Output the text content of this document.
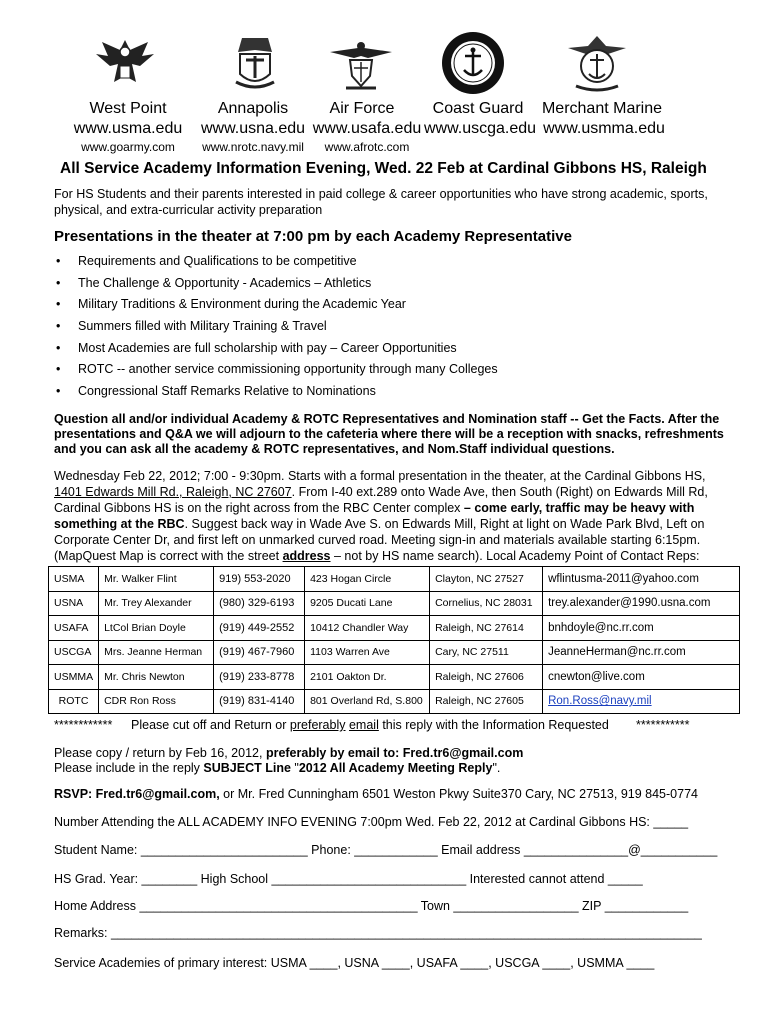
West Point	Annapolis	Air Force Coast Guard Merchant Marine
www.usma.edu www.usna.edu www.usafa.edu www.uscga.edu www.usmma.edu
www.goarmy.com www.nrotc.navy.mil www.afrotc.com
All Service Academy Information Evening, Wed. 22 Feb at Cardinal Gibbons HS, Raleigh
For HS Students and their parents interested in paid college & career opportunities who have strong academic, sports, physical, and extra-curricular activity preparation
Presentations in the theater at 7:00 pm by each Academy Representative
• Requirements and Qualifications to be competitive
• The Challenge & Opportunity - Academics – Athletics
• Military Traditions & Environment during the Academic Year
• Summers filled with Military Training & Travel
• Most Academies are full scholarship with pay – Career Opportunities
• ROTC -- another service commissioning opportunity through many Colleges
• Congressional Staff Remarks Relative to Nominations
Question all and/or individual Academy & ROTC Representatives and Nomination staff -- Get the Facts. After the presentations and Q&A we will adjourn to the cafeteria where there will be a reception with snacks, refreshments and you can ask all the academy & ROTC representatives, and Nom.Staff individual questions.
Wednesday Feb 22, 2012; 7:00 - 9:30pm. Starts with a formal presentation in the theater, at the Cardinal Gibbons HS, 1401 Edwards Mill Rd., Raleigh, NC 27607. From I-40 ext.289 onto Wade Ave, then South (Right) on Edwards Mill Rd, Cardinal Gibbons HS is on the right across from the RBC Center complex – come early, traffic may be heavy with something at the RBC. Suggest back way in Wade Ave S. on Edwards Mill, Right at light on Wade Park Blvd, Left on Corporate Center Dr, and first left on unmarked curved road. Meeting sign-in and materials available starting 6:15pm. (MapQuest Map is correct with the street address – not by HS name search). Local Academy Point of Contact Reps:
USMA	Mr. Walker Flint	919) 553-2020	423 Hogan Circle	Clayton, NC 27527	wflintusma-2011@yahoo.com
USNA	Mr. Trey Alexander	(980) 329-6193	9205 Ducati Lane	Cornelius, NC 28031	trey.alexander@1990.usna.com
USAFA	LtCol Brian Doyle	(919) 449-2552	10412 Chandler Way	Raleigh, NC 27614	bnhdoyle@nc.rr.com
USCGA	Mrs. Jeanne Herman	(919) 467-7960	1103 Warren Ave	Cary, NC 27511	JeanneHerman@nc.rr.com
USMMA	Mr. Chris Newton	(919) 233-8778	2101 Oakton Dr.	Raleigh, NC 27606	cnewton@live.com
ROTC	CDR Ron Ross	(919) 831-4140	801 Overland Rd, S.800	Raleigh, NC 27605	Ron.Ross@navy.mil
************ Please cut off and Return or preferably email this reply with the Information Requested ***********
Please copy / return by Feb 16, 2012, preferably by email to: Fred.tr6@gmail.com
Please include in the reply SUBJECT Line "2012 All Academy Meeting Reply".
RSVP: Fred.tr6@gmail.com, or Mr. Fred Cunningham 6501 Weston Pkwy Suite370 Cary, NC 27513, 919 845-0774
Number Attending the ALL ACADEMY INFO EVENING 7:00pm Wed. Feb 22, 2012 at Cardinal Gibbons HS: _____
Student Name: ________________________ Phone: ____________ Email address _______________@___________
HS Grad. Year: ________ High School ____________________________ Interested cannot attend _____
Home Address ________________________________________ Town __________________ ZIP ____________
Remarks: _____________________________________________________________________________________
Service Academies of primary interest: USMA ____, USNA ____, USAFA ____, USCGA ____, USMMA ____
